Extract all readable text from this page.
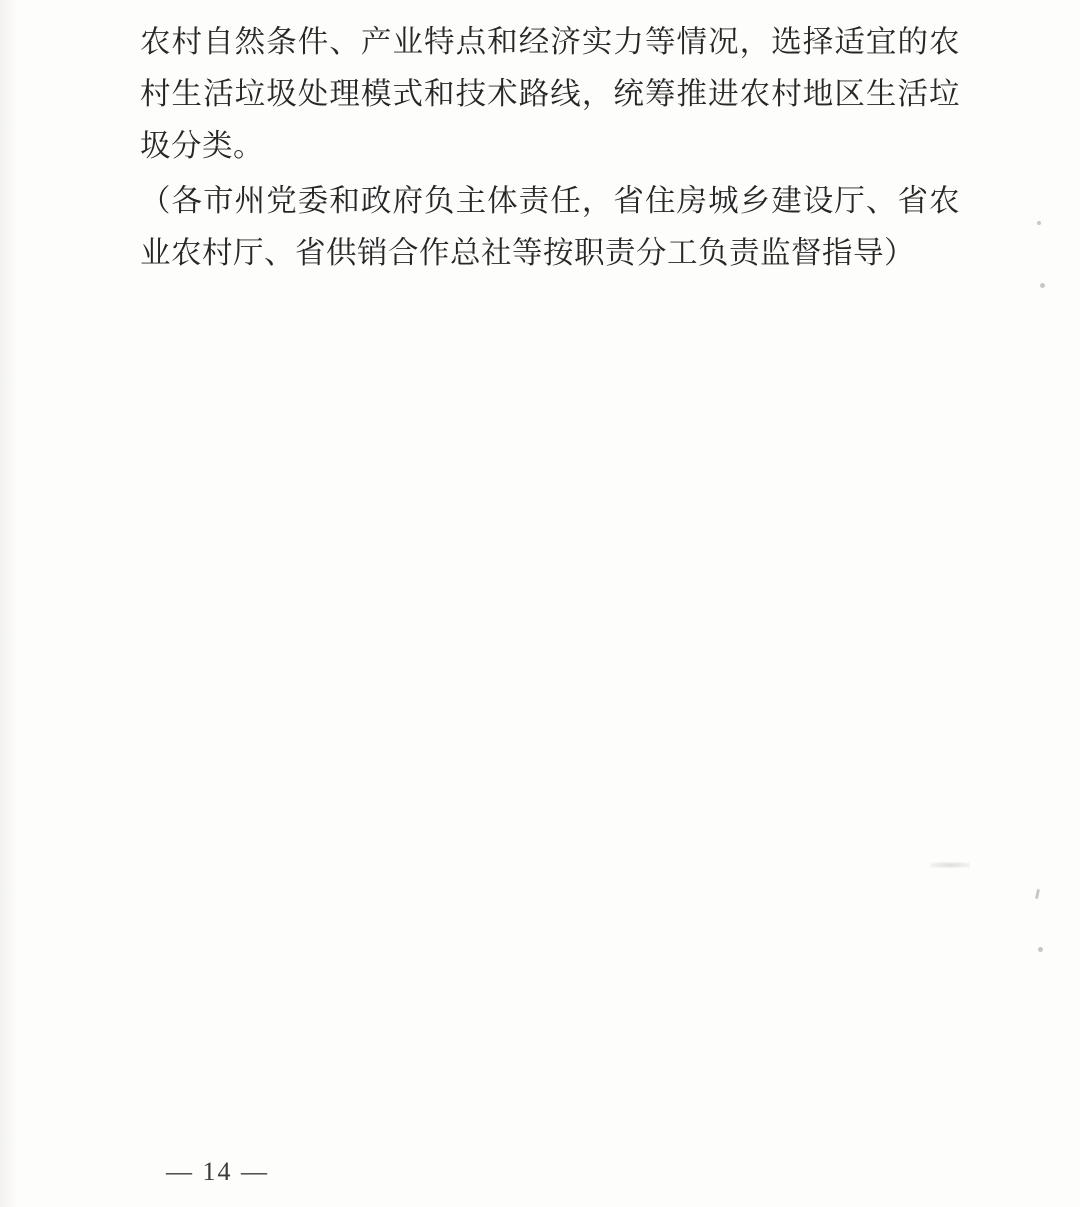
农村自然条件、产业特点和经济实力等情况，选择适宜的农村生活垃圾处理模式和技术路线，统筹推进农村地区生活垃圾分类。

（各市州党委和政府负主体责任，省住房城乡建设厅、省农业农村厅、省供销合作总社等按职责分工负责监督指导）

— 14 —
